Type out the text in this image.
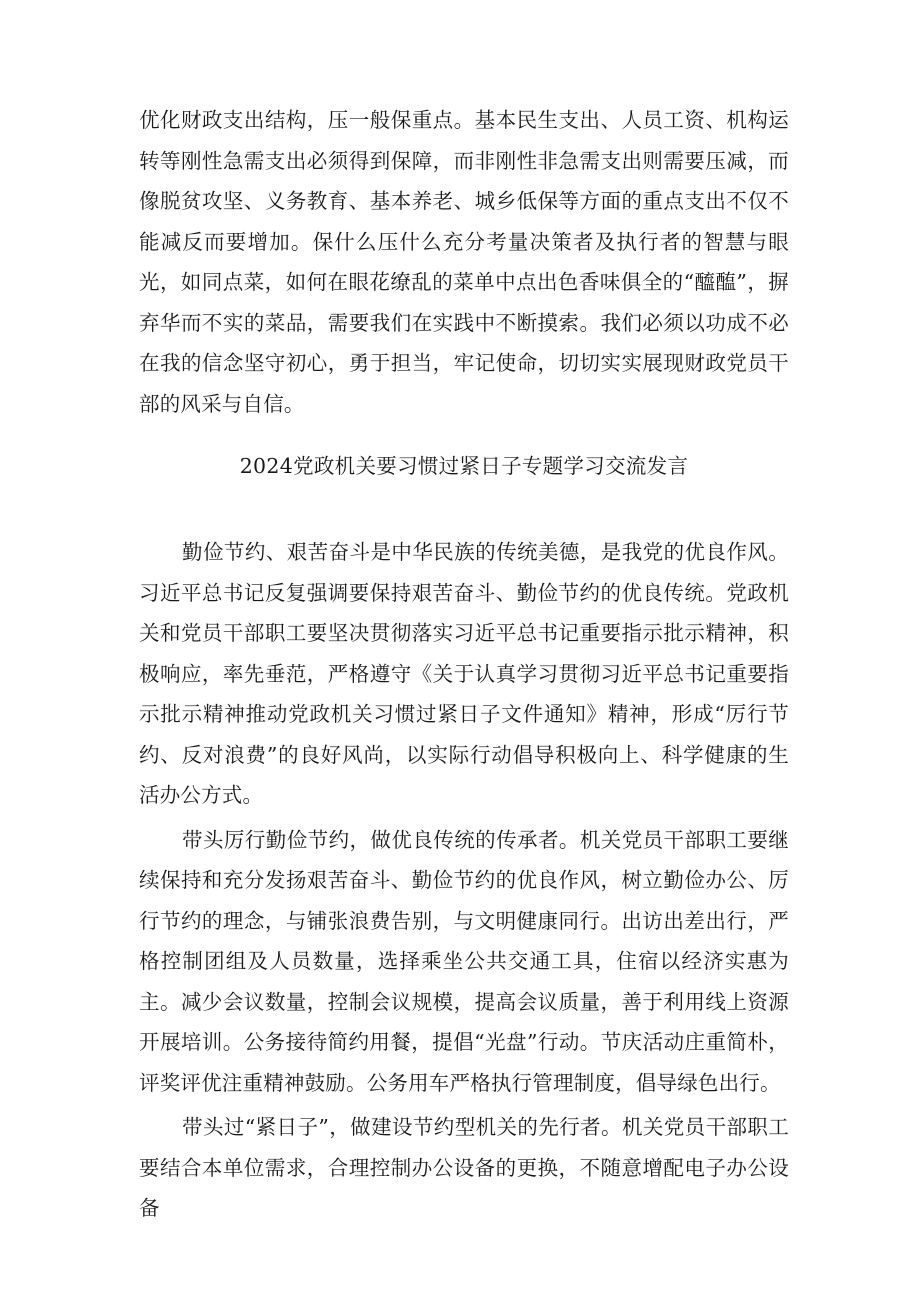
优化财政支出结构，压一般保重点。基本民生支出、人员工资、机构运转等刚性急需支出必须得到保障，而非刚性非急需支出则需要压减，而像脱贫攻坚、义务教育、基本养老、城乡低保等方面的重点支出不仅不能减反而要增加。保什么压什么充分考量决策者及执行者的智慧与眼光，如同点菜，如何在眼花缭乱的菜单中点出色香味俱全的“醯醢”，摒弃华而不实的菜品，需要我们在实践中不断摸索。我们必须以功成不必在我的信念坚守初心，勇于担当，牢记使命，切切实实展现财政党员干部的风采与自信。

2024党政机关要习惯过紧日子专题学习交流发言

勤俭节约、艰苦奋斗是中华民族的传统美德，是我党的优良作风。习近平总书记反复强调要保持艰苦奋斗、勤俭节约的优良传统。党政机关和党员干部职工要坚决贯彻落实习近平总书记重要指示批示精神，积极响应，率先垂范，严格遵守《关于认真学习贯彻习近平总书记重要指示批示精神推动党政机关习惯过紧日子文件通知》精神，形成“厉行节约、反对浪费”的良好风尚，以实际行动倡导积极向上、科学健康的生活办公方式。

带头厉行勤俭节约，做优良传统的传承者。机关党员干部职工要继续保持和充分发扬艰苦奋斗、勤俭节约的优良作风，树立勤俭办公、厉行节约的理念，与铺张浪费告别，与文明健康同行。出访出差出行，严格控制团组及人员数量，选择乘坐公共交通工具，住宿以经济实惠为主。减少会议数量，控制会议规模，提高会议质量，善于利用线上资源开展培训。公务接待简约用餐，提倡“光盘”行动。节庆活动庄重简朴，评奖评优注重精神鼓励。公务用车严格执行管理制度，倡导绿色出行。

带头过“紧日子”，做建设节约型机关的先行者。机关党员干部职工要结合本单位需求，合理控制办公设备的更换，不随意增配电子办公设备
